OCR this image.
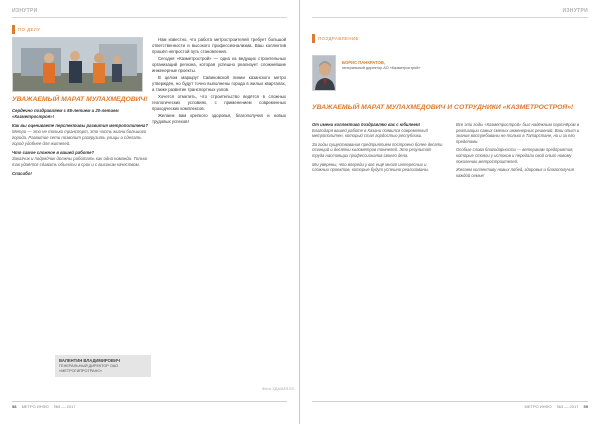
ИЗНУТРИ
ПО ДЕЛУ
УВАЖАЕМЫЙ МАРАТ МУЛАХМЕДОВИЧ!
Сердечно поздравляем с 85-летием и 20-летием «Казметростроя»!
Как вы оцениваете перспективы развития метрополитена?
Метро — это не только транспорт, это часть жизни большого города. Развитие сети позволит разгрузить улицы и сделать город удобнее для жителей.
Что самое сложное в вашей работе?
Заказчик и подрядчик должны работать как одна команда. Только так удаётся сдавать объекты в срок и с высоким качеством.
Спасибо!
ВАЛЕНТИН ВЛАДИМИРОВИЧ
ГЕНЕРАЛЬНЫЙ ДИРЕКТОР ОАО «МЕТРОГИПРОТРАНС»

Нам известно, что работа метростроителей требует большой ответственности и высокого профессионализма. Ваш коллектив прошёл непростой путь становления.

Сегодня «Казметрострой» — одна из ведущих строительных организаций региона, которая успешно реализует сложнейшие инженерные проекты.

В целом маршрут Савиновской линии казанского метро утверждён, но будут точно выполнены города в жилых кварталах, а также развитие транспортных узлов.

Хочется отметить, что строительство ведётся в сложных геологических условиях, с применением современных проходческих комплексов.

Желаем вам крепкого здоровья, благополучия и новых трудовых успехов!

Фото УДАЧИЯ.ЕЛ
58 МЕТРО ИНФО №3 — 2017
ИЗНУТРИ
ПОЗДРАВЛЕНИЕ
БОРИС ПАНКРАТОВ,
генеральный директор АО «Казметрострой»
УВАЖАЕМЫЙ МАРАТ МУЛАХМЕДОВИЧ И СОТРУДНИКИ «КАЗМЕТРОСТРОЯ»!
От имени коллектива поздравляю вас с юбилеем!
Благодаря вашей работе в Казани появился современный метрополитен, который стал гордостью республики.
За годы существования предприятием построено более десяти станций и десятки километров тоннелей. Это результат труда настоящих профессионалов своего дела.
Мы уверены, что впереди у вас ещё много интересных и сложных проектов, которые будут успешно реализованы.
Все эти годы «Казметрострой» был надёжным партнёром в реализации самых смелых инженерных решений. Ваш опыт и знания востребованы не только в Татарстане, но и за его пределами.
Особые слова благодарности — ветеранам предприятия, которые стояли у истоков и передали свой опыт новому поколению метростроителей.
Желаем коллективу новых побед, здоровья и благополучия каждой семье!
МЕТРО ИНФО №3 — 2017 59
